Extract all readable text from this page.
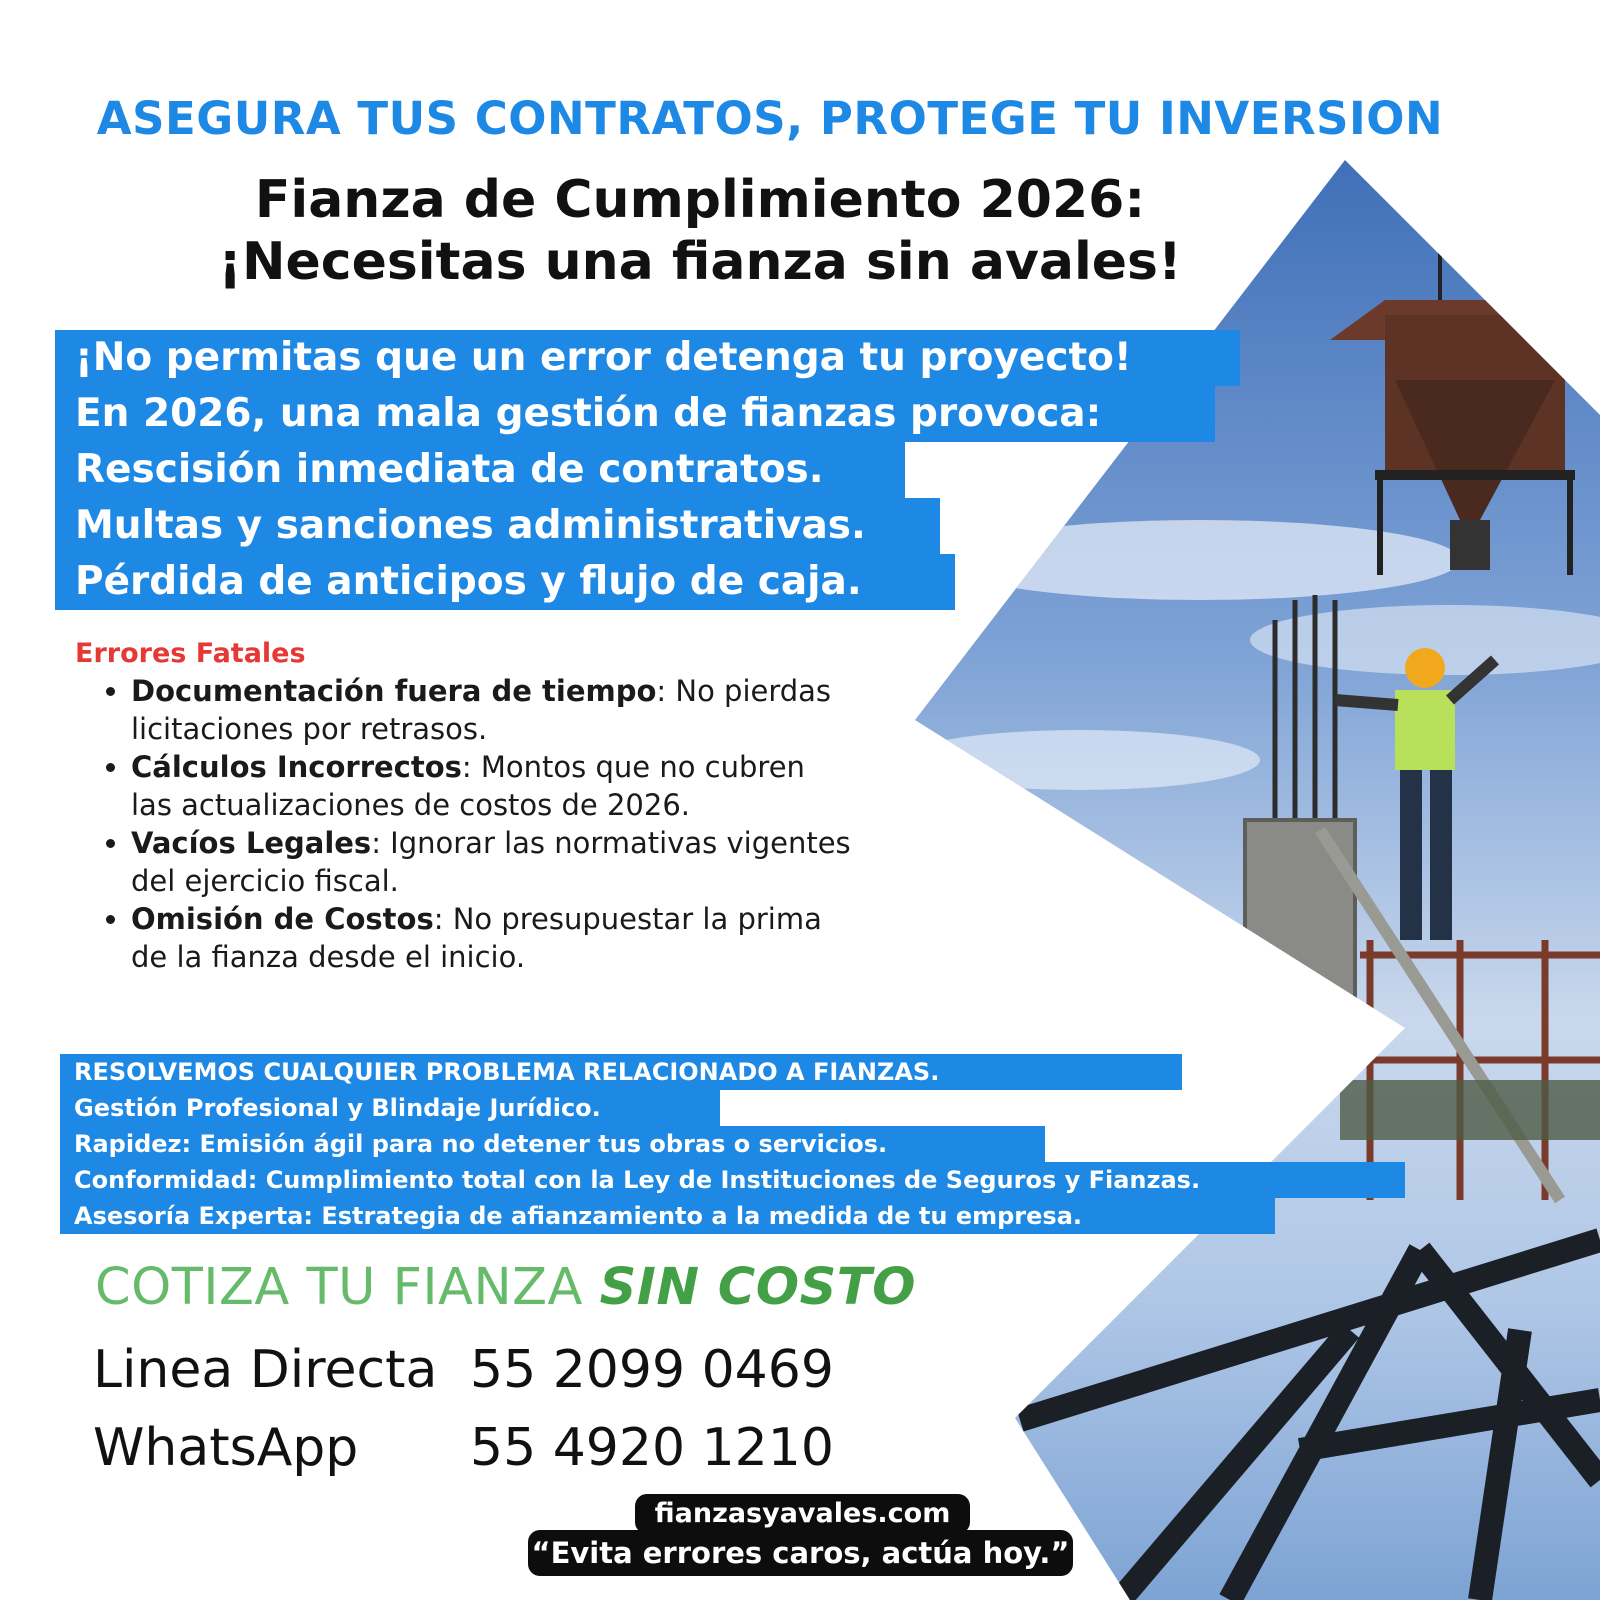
ASEGURA TUS CONTRATOS, PROTEGE TU INVERSION
Fianza de Cumplimiento 2026:
¡Necesitas una fianza sin avales!
¡No permitas que un error detenga tu proyecto!
En 2026, una mala gestión de fianzas provoca:
Rescisión inmediata de contratos.
Multas y sanciones administrativas.
Pérdida de anticipos y flujo de caja.
Errores Fatales
• Documentación fuera de tiempo: No pierdas licitaciones por retrasos.
• Cálculos Incorrectos: Montos que no cubren las actualizaciones de costos de 2026.
• Vacíos Legales: Ignorar las normativas vigentes del ejercicio fiscal.
• Omisión de Costos: No presupuestar la prima de la fianza desde el inicio.
RESOLVEMOS CUALQUIER PROBLEMA RELACIONADO A FIANZAS.
Gestión Profesional y Blindaje Jurídico.
Rapidez: Emisión ágil para no detener tus obras o servicios.
Conformidad: Cumplimiento total con la Ley de Instituciones de Seguros y Fianzas.
Asesoría Experta: Estrategia de afianzamiento a la medida de tu empresa.
COTIZA TU FIANZA SIN COSTO
Linea Directa 55 2099 0469
WhatsApp 55 4920 1210
fianzasyavales.com
“Evita errores caros, actúa hoy.”
